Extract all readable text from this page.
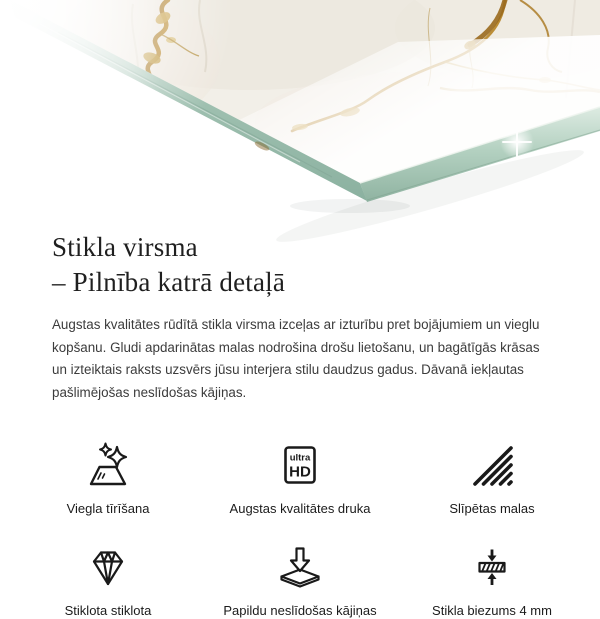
Stikla virsma
– Pilnība katrā detaļā

Augstas kvalitātes rūdītā stikla virsma izceļas ar izturību pret bojājumiem un vieglu kopšanu. Gludi apdarinātas malas nodrošina drošu lietošanu, un bagātīgās krāsas un izteiktais raksts uzsvērs jūsu interjera stilu daudzus gadus. Dāvanā iekļautas pašlimējošas neslīdošas kājiņas.

Viegla tīrīšana
ultra
HD
Augstas kvalitātes druka	Slīpētas malas
Stiklota stiklota	Papildu neslīdošas kājiņas	Stikla biezums 4 mm
